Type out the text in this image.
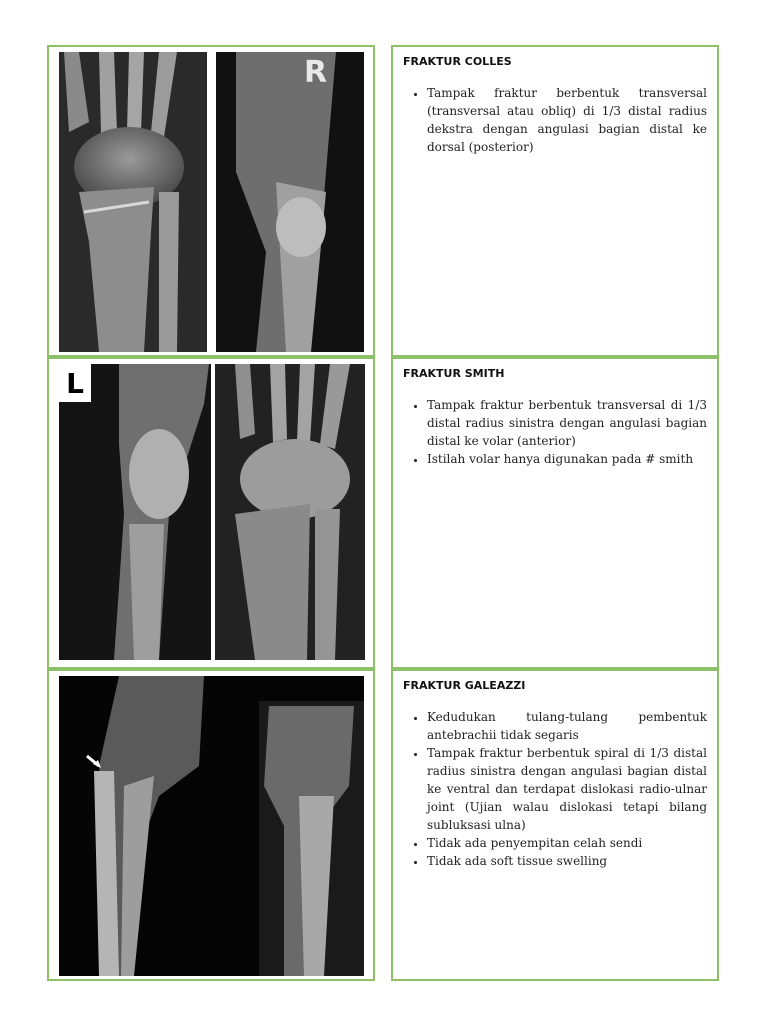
R	FRAKTUR COLLES
• Tampak fraktur berbentuk transversal (transversal atau obliq) di 1/3 distal radius dekstra dengan angulasi bagian distal ke dorsal (posterior)
L	FRAKTUR SMITH
• Tampak fraktur berbentuk transversal di 1/3 distal radius sinistra dengan angulasi bagian distal ke volar (anterior)
• Istilah volar hanya digunakan pada # smith
FRAKTUR GALEAZZI
• Kedudukan tulang-tulang pembentuk antebrachii tidak segaris
• Tampak fraktur berbentuk spiral di 1/3 distal radius sinistra dengan angulasi bagian distal ke ventral dan terdapat dislokasi radio-ulnar joint (Ujian walau dislokasi tetapi bilang subluksasi ulna)
• Tidak ada penyempitan celah sendi
• Tidak ada soft tissue swelling
